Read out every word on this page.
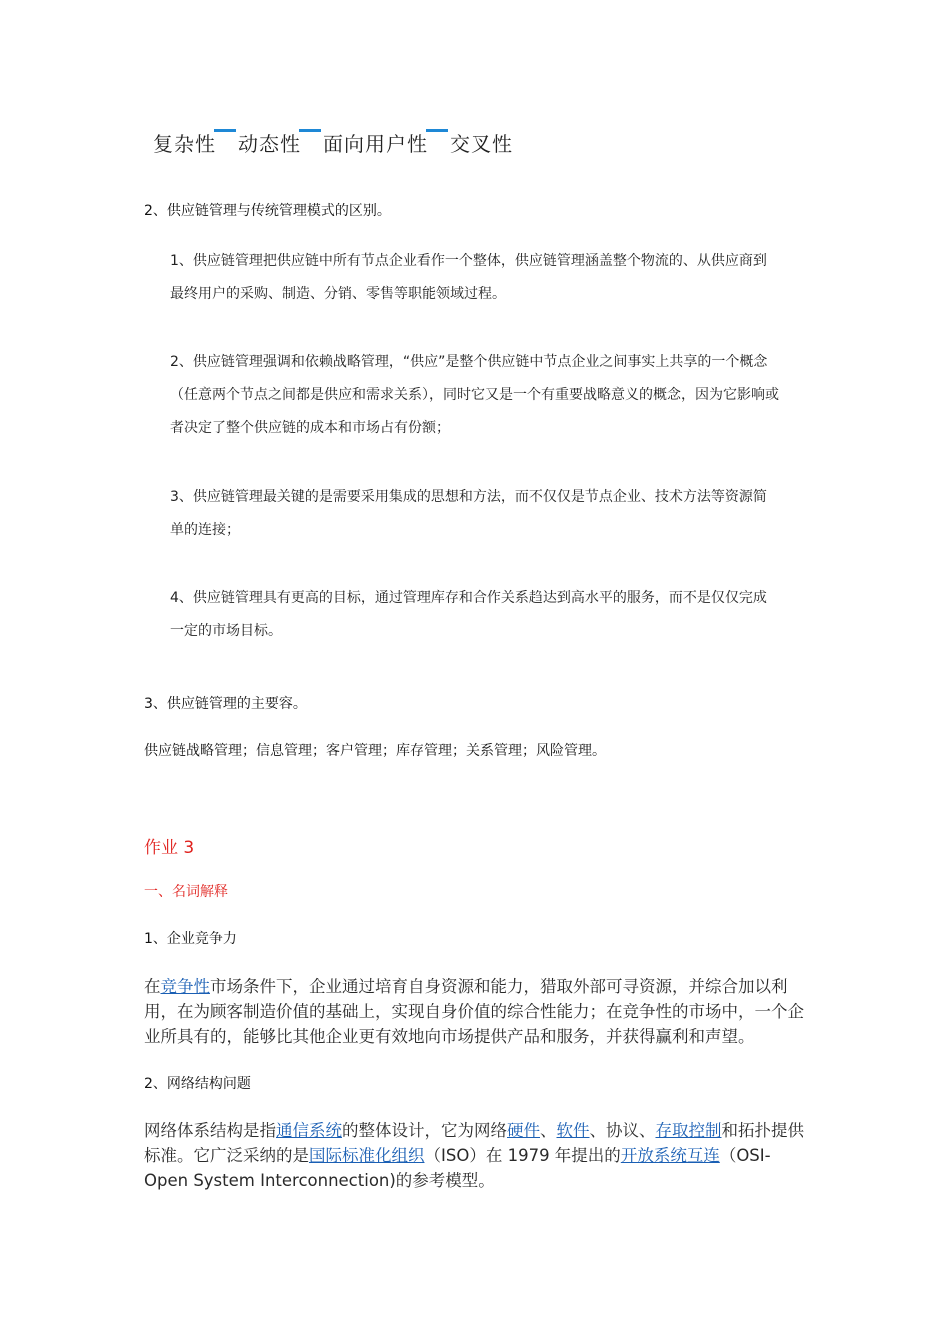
复杂性 动态性 面向用户性 交叉性
2、供应链管理与传统管理模式的区别。
1、供应链管理把供应链中所有节点企业看作一个整体，供应链管理涵盖整个物流的、从供应商到最终用户的采购、制造、分销、零售等职能领域过程。
2、供应链管理强调和依赖战略管理，“供应”是整个供应链中节点企业之间事实上共享的一个概念（任意两个节点之间都是供应和需求关系），同时它又是一个有重要战略意义的概念，因为它影响或者决定了整个供应链的成本和市场占有份额；
3、供应链管理最关键的是需要采用集成的思想和方法，而不仅仅是节点企业、技术方法等资源简单的连接；
4、供应链管理具有更高的目标，通过管理库存和合作关系趋达到高水平的服务，而不是仅仅完成一定的市场目标。
3、供应链管理的主要容。
供应链战略管理；信息管理；客户管理；库存管理；关系管理；风险管理。
作业 3
一、名词解释
1、企业竞争力
在竞争性市场条件下，企业通过培育自身资源和能力，猎取外部可寻资源，并综合加以利用，在为顾客制造价值的基础上，实现自身价值的综合性能力；在竞争性的市场中，一个企业所具有的，能够比其他企业更有效地向市场提供产品和服务，并获得赢利和声望。
2、网络结构问题
网络体系结构是指通信系统的整体设计，它为网络硬件、软件、协议、存取控制和拓扑提供标准。它广泛采纳的是国际标准化组织（ISO）在 1979 年提出的开放系统互连（OSI-Open System Interconnection)的参考模型。
